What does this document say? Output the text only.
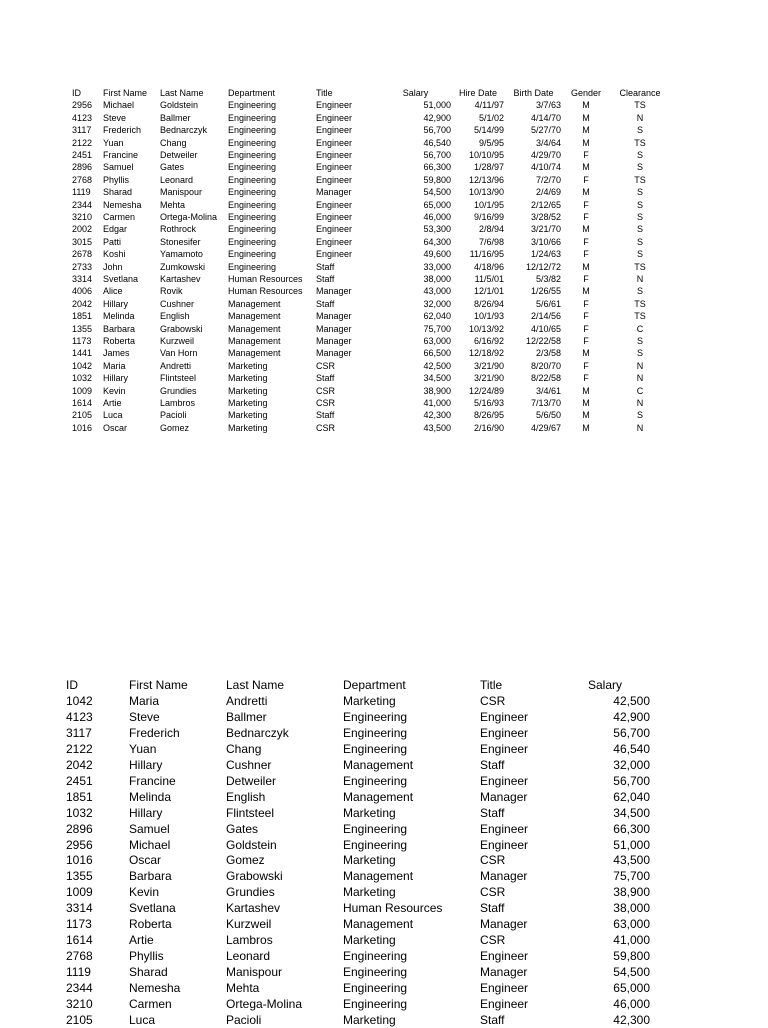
ID	First Name	Last Name	Department	Title	Salary	Hire Date	Birth Date	Gender	Clearance
2956	Michael	Goldstein	Engineering	Engineer	51,000	4/11/97	3/7/63	M	TS
4123	Steve	Ballmer	Engineering	Engineer	42,900	5/1/02	4/14/70	M	N
3117	Frederich	Bednarczyk	Engineering	Engineer	56,700	5/14/99	5/27/70	M	S
2122	Yuan	Chang	Engineering	Engineer	46,540	9/5/95	3/4/64	M	TS
2451	Francine	Detweiler	Engineering	Engineer	56,700	10/10/95	4/29/70	F	S
2896	Samuel	Gates	Engineering	Engineer	66,300	1/28/97	4/10/74	M	S
2768	Phyllis	Leonard	Engineering	Engineer	59,800	12/13/96	7/2/70	F	TS
1119	Sharad	Manispour	Engineering	Manager	54,500	10/13/90	2/4/69	M	S
2344	Nemesha	Mehta	Engineering	Engineer	65,000	10/1/95	2/12/65	F	S
3210	Carmen	Ortega-Molina	Engineering	Engineer	46,000	9/16/99	3/28/52	F	S
2002	Edgar	Rothrock	Engineering	Engineer	53,300	2/8/94	3/21/70	M	S
3015	Patti	Stonesifer	Engineering	Engineer	64,300	7/6/98	3/10/66	F	S
2678	Koshi	Yamamoto	Engineering	Engineer	49,600	11/16/95	1/24/63	F	S
2733	John	Zumkowski	Engineering	Staff	33,000	4/18/96	12/12/72	M	TS
3314	Svetlana	Kartashev	Human Resources	Staff	38,000	11/5/01	5/3/82	F	N
4006	Alice	Rovik	Human Resources	Manager	43,000	12/1/01	1/26/55	M	S
2042	Hillary	Cushner	Management	Staff	32,000	8/26/94	5/6/61	F	TS
1851	Melinda	English	Management	Manager	62,040	10/1/93	2/14/56	F	TS
1355	Barbara	Grabowski	Management	Manager	75,700	10/13/92	4/10/65	F	C
1173	Roberta	Kurzweil	Management	Manager	63,000	6/16/92	12/22/58	F	S
1441	James	Van Horn	Management	Manager	66,500	12/18/92	2/3/58	M	S
1042	Maria	Andretti	Marketing	CSR	42,500	3/21/90	8/20/70	F	N
1032	Hillary	Flintsteel	Marketing	Staff	34,500	3/21/90	8/22/58	F	N
1009	Kevin	Grundies	Marketing	CSR	38,900	12/24/89	3/4/61	M	C
1614	Artie	Lambros	Marketing	CSR	41,000	5/16/93	7/13/70	M	N
2105	Luca	Pacioli	Marketing	Staff	42,300	8/26/95	5/6/50	M	S
1016	Oscar	Gomez	Marketing	CSR	43,500	2/16/90	4/29/67	M	N
ID	First Name	Last Name	Department	Title	Salary
1042	Maria	Andretti	Marketing	CSR	42,500
4123	Steve	Ballmer	Engineering	Engineer	42,900
3117	Frederich	Bednarczyk	Engineering	Engineer	56,700
2122	Yuan	Chang	Engineering	Engineer	46,540
2042	Hillary	Cushner	Management	Staff	32,000
2451	Francine	Detweiler	Engineering	Engineer	56,700
1851	Melinda	English	Management	Manager	62,040
1032	Hillary	Flintsteel	Marketing	Staff	34,500
2896	Samuel	Gates	Engineering	Engineer	66,300
2956	Michael	Goldstein	Engineering	Engineer	51,000
1016	Oscar	Gomez	Marketing	CSR	43,500
1355	Barbara	Grabowski	Management	Manager	75,700
1009	Kevin	Grundies	Marketing	CSR	38,900
3314	Svetlana	Kartashev	Human Resources	Staff	38,000
1173	Roberta	Kurzweil	Management	Manager	63,000
1614	Artie	Lambros	Marketing	CSR	41,000
2768	Phyllis	Leonard	Engineering	Engineer	59,800
1119	Sharad	Manispour	Engineering	Manager	54,500
2344	Nemesha	Mehta	Engineering	Engineer	65,000
3210	Carmen	Ortega-Molina	Engineering	Engineer	46,000
2105	Luca	Pacioli	Marketing	Staff	42,300
